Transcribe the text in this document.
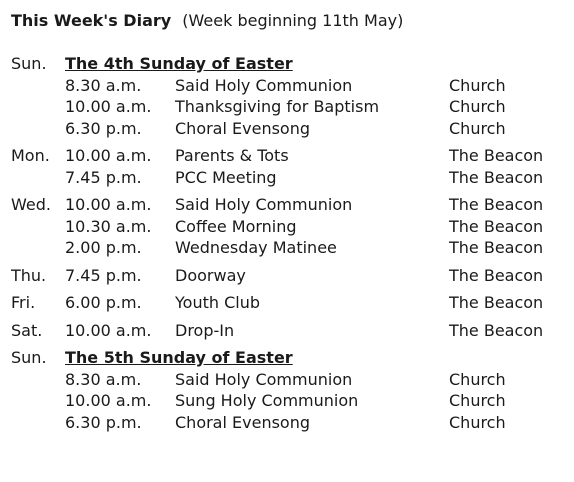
This Week's Diary (Week beginning 11th May)
Sun. The 4th Sunday of Easter
8.30 a.m. Said Holy Communion	Church
10.00 a.m. Thanksgiving for Baptism	Church
6.30 p.m. Choral Evensong	Church
Mon. 10.00 a.m. Parents & Tots	The Beacon
7.45 p.m. PCC Meeting	The Beacon
Wed. 10.00 a.m. Said Holy Communion	The Beacon
10.30 a.m. Coffee Morning	The Beacon
2.00 p.m. Wednesday Matinee	The Beacon
Thu. 7.45 p.m. Doorway	The Beacon
Fri. 6.00 p.m. Youth Club	The Beacon
Sat. 10.00 a.m. Drop-In	The Beacon
Sun. The 5th Sunday of Easter
8.30 a.m. Said Holy Communion	Church
10.00 a.m. Sung Holy Communion	Church
6.30 p.m. Choral Evensong	Church
